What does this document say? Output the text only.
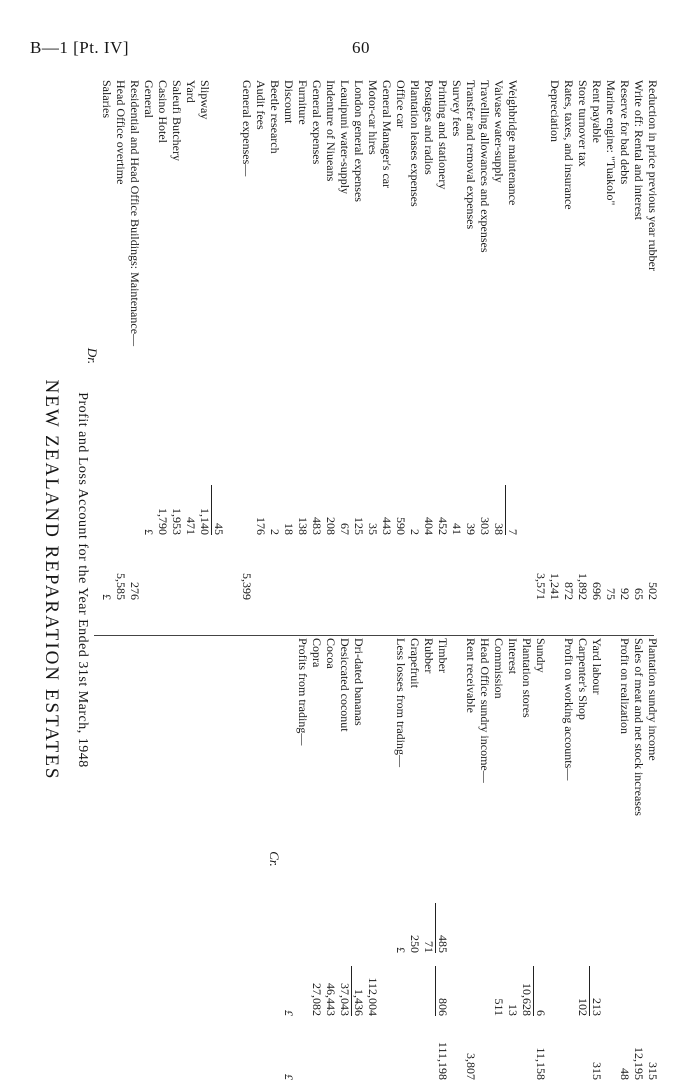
B—1 [Pt. IV]	60
NEW ZEALAND REPARATION ESTATES Profit and Loss Account for the Year Ended 31st March, 1948
Dr.
Salaries
£
Head Office overtime
5,585
Residential and Head Office Buildings: Maintenance—
276
General
£
Casino Hotel
1,790
Saleufi Butchery
1,953
Yard
471
Slipway
1,140 45
General expenses—
5,399
Audit fees
176
Beetle research
2
Discount
18
Furniture
138
General expenses
483
Indenture of Niueans
208
Leauipuni water-supply
67
London general expenses
125
Motor-car hires
35
General Manager's car
443
Office car
590
Plantation leases expenses
2
Postages and radios
404
Printing and stationery
452
Survey fees
41
Transfer and removal expenses
39
Travelling allowances and expenses
303
Vaivase water-supply
38
Weighbridge maintenance
7
3,571
Depreciation
1,241
Rates, taxes, and insurance
872
Store turnover tax
1,892
Rent payable
696
Marine engine: "Tuakolo"
75
Reserve for bad debts
92
Write off: Rental and interest
65
Reduction in price previous year rubber
502
Cr.
£
£
Profits from trading— Copra
27,082
Cocoa
46,443
Desiccated coconut
37,043
Dri-dated bananas
1,436 112,004
Less losses from trading—
£
Grapefruit
250
Rubber
71
Timber
485
806
111,198
Rent receivable
3,807
Head Office sundry income— Commission
511
Interest
13
Plantation stores
10,628
Sundry
6
11,158
Profit on working accounts— Carpenter's Shop
102
Yard labour
213
315
Profit on realization
48
Sales of meat and net stock increases
12,195
Plantation sundry income
315
